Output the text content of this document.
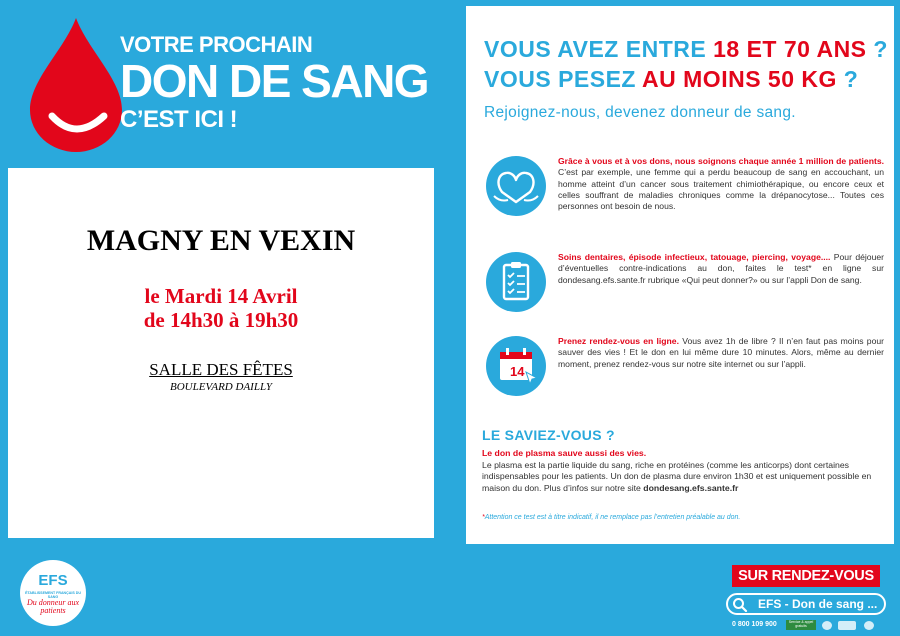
VOTRE PROCHAIN
DON DE SANG
C’EST ICI !
MAGNY EN VEXIN
le Mardi 14 Avril
de 14h30 à 19h30
SALLE DES FÊTES
BOULEVARD DAILLY
VOUS AVEZ ENTRE 18 ET 70 ANS ?
VOUS PESEZ AU MOINS 50 KG ?
Rejoignez-nous, devenez donneur de sang.
Grâce à vous et à vos dons, nous soignons chaque année 1 million de patients. C’est par exemple, une femme qui a perdu beaucoup de sang en accouchant, un homme atteint d’un cancer sous traitement chimiothérapique, ou encore ceux et celles souffrant de maladies chroniques comme la drépanocytose... Toutes ces personnes ont besoin de nous.
Soins dentaires, épisode infectieux, tatouage, piercing, voyage.... Pour déjouer d’éventuelles contre-indications au don, faites le test* en ligne sur dondesang.efs.sante.fr rubrique «Qui peut donner?» ou sur l’appli Don de sang.
14
Prenez rendez-vous en ligne. Vous avez 1h de libre ? Il n’en faut pas moins pour sauver des vies ! Et le don en lui même dure 10 minutes. Alors, même au dernier moment, prenez rendez-vous sur notre site internet ou sur l’appli.
LE SAVIEZ-VOUS ?
Le don de plasma sauve aussi des vies.
Le plasma est la partie liquide du sang, riche en protéines (comme les anticorps) dont certaines indispensables pour les patients. Un don de plasma dure environ 1h30 et est uniquement possible en maison du don. Plus d’infos sur notre site dondesang.efs.sante.fr
*Attention ce test est à titre indicatif, il ne remplace pas l’entretien préalable au don.
EFS
ÉTABLISSEMENT FRANÇAIS DU SANG
Du donneur aux patients
SUR RENDEZ-VOUS
EFS - Don de sang ...
0 800 109 900	Service & appel gratuits
